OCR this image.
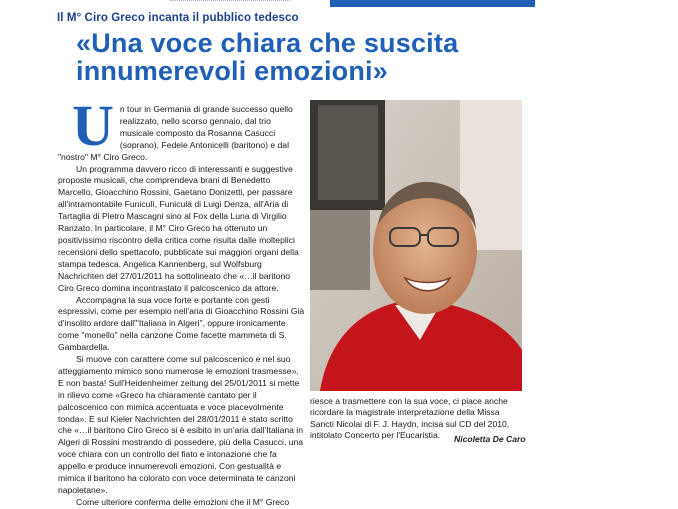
Il M° Ciro Greco incanta il pubblico tedesco
«Una voce chiara che suscita innumerevoli emozioni»

Un tour in Germania di grande successo quello realizzato, nello scorso gennaio, dal trio musicale composto da Rosanna Casucci (soprano), Fedele Antonicelli (baritono) e dal "nostro" M° Ciro Greco.

Un programma davvero ricco di interessanti e suggestive proposte musicali, che comprendeva brani di Benedetto Marcello, Gioacchino Rossini, Gaetano Donizetti, per passare all'intramontabile Funiculì, Funiculà di Luigi Denza, all'Aria di Tartaglia di Pietro Mascagni sino al Fox della Luna di Virgilio Ranzato. In particolare, il M° Ciro Greco ha ottenuto un positivissimo riscontro della critica come risulta dalle molteplici recensioni dello spettacolo, pubblicate sui maggiori organi della stampa tedesca. Angelica Kannenberg, sul Wolfsburg Nachrichten del 27/01/2011 ha sottolineato che «…il baritono Ciro Greco domina incontrastato il palcoscenico da attore.

Accompagna la sua voce forte e portante con gesti espressivi, come per esempio nell'aria di Gioacchino Rossini Già d'insolito ardore dall'"Italiana in Algeri", oppure ironicamente come "monello" nella canzone Come facette mammeta di S. Gambardella.

Si muove con carattere come sul palcoscenico e nel suo atteggiamento mimico sono numerose le emozioni trasmesse». E non basta! Sull'Heidenheimer zeitung del 25/01/2011 si mette in rilievo come «Greco ha chiaramente cantato per il palcoscenico con mimica accentuata e voce piacevolmente tonda». E sul Kieler Nachrichten del 28/01/2011 è stato scritto che «…il baritono Ciro Greco si è esibito in un'aria dall'Italiana in Algeri di Rossini mostrando di possedere, più della Casucci, una voce chiara con un controllo del fiato e intonazione che fa appello e produce innumerevoli emozioni. Con gestualità e mimica il baritono ha colorato con voce determinata le canzoni napoletane».

Come ulteriore conferma delle emozioni che il M° Greco

riesce a trasmettere con la sua voce, ci piace anche ricordare la magistrale interpretazione della Missa Sancti Nicolai di F. J. Haydn, incisa sul CD del 2010, intitolato Concerto per l'Eucaristia.	Nicoletta De Caro
